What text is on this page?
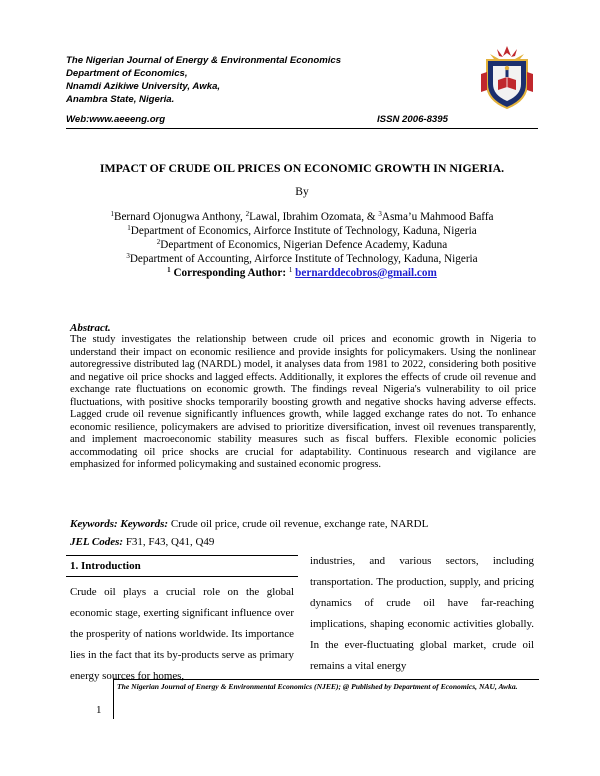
The Nigerian Journal of Energy & Environmental Economics
Department of Economics,
Nnamdi Azikiwe University, Awka,
Anambra State, Nigeria.
Web:www.aeeeng.org	ISSN 2006-8395
IMPACT OF CRUDE OIL PRICES ON ECONOMIC GROWTH IN NIGERIA.
By
$^1$Bernard Ojonugwa Anthony, $^2$Lawal, Ibrahim Ozomata, & $^3$Asma’u Mahmood Baffa
$^1$Department of Economics, Airforce Institute of Technology, Kaduna, Nigeria
$^2$Department of Economics, Nigerian Defence Academy, Kaduna
$^3$Department of Accounting, Airforce Institute of Technology, Kaduna, Nigeria
$^1$ Corresponding Author: $^1$ bernarddecobros@gmail.com
Abstract.
The study investigates the relationship between crude oil prices and economic growth in Nigeria to understand their impact on economic resilience and provide insights for policymakers. Using the nonlinear autoregressive distributed lag (NARDL) model, it analyses data from 1981 to 2022, considering both positive and negative oil price shocks and lagged effects. Additionally, it explores the effects of crude oil revenue and exchange rate fluctuations on economic growth. The findings reveal Nigeria's vulnerability to oil price fluctuations, with positive shocks temporarily boosting growth and negative shocks having adverse effects. Lagged crude oil revenue significantly influences growth, while lagged exchange rates do not. To enhance economic resilience, policymakers are advised to prioritize diversification, invest oil revenues transparently, and implement macroeconomic stability measures such as fiscal buffers. Flexible economic policies accommodating oil price shocks are crucial for adaptability. Continuous research and vigilance are emphasized for informed policymaking and sustained economic progress.
Keywords: Keywords: Crude oil price, crude oil revenue, exchange rate, NARDL
JEL Codes: F31, F43, Q41, Q49
1. Introduction
Crude oil plays a crucial role on the global economic stage, exerting significant influence over the prosperity of nations worldwide. Its importance lies in the fact that its by-products serve as primary energy sources for homes,
industries, and various sectors, including transportation. The production, supply, and pricing dynamics of crude oil have far-reaching implications, shaping economic activities globally. In the ever-fluctuating global market, crude oil remains a vital energy
The Nigerian Journal of Energy & Environmental Economics (NJEE); @ Published by Department of Economics, NAU, Awka.
1
